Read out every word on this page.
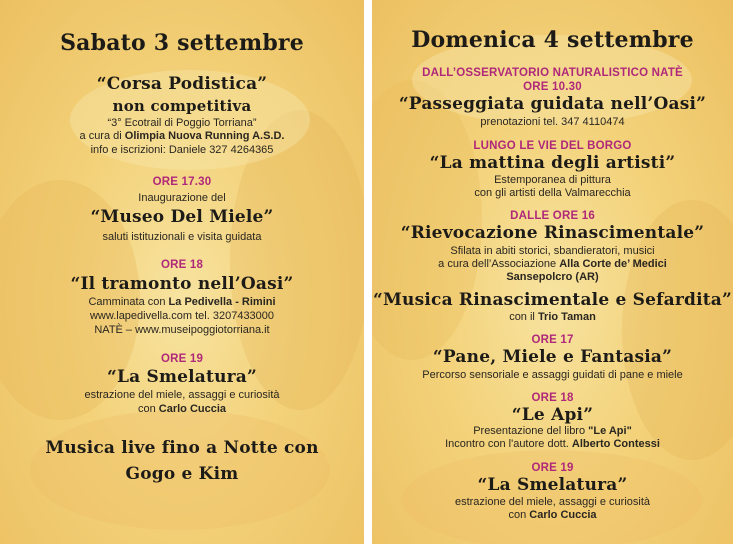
Sabato 3 settembre
“Corsa Podistica”
non competitiva
“3° Ecotrail di Poggio Torriana”
a cura di Olimpia Nuova Running A.S.D.
info e iscrizioni: Daniele 327 4264365
ORE 17.30
Inaugurazione del
“Museo Del Miele”
saluti istituzionali e visita guidata
ORE 18
“Il tramonto nell’Oasi”
Camminata con La Pedivella - Rimini
www.lapedivella.com tel. 3207433000
NATÈ – www.museipoggiotorriana.it
ORE 19
“La Smelatura”
estrazione del miele, assaggi e curiosità
con Carlo Cuccia
Musica live fino a Notte con
Gogo e Kim
Domenica 4 settembre
DALL’OSSERVATORIO NATURALISTICO NATÈ
ORE 10.30
“Passeggiata guidata nell’Oasi”
prenotazioni tel. 347 4110474
LUNGO LE VIE DEL BORGO
“La mattina degli artisti”
Estemporanea di pittura
con gli artisti della Valmarecchia
DALLE ORE 16
“Rievocazione Rinascimentale”
Sfilata in abiti storici, sbandieratori, musici
a cura dell’Associazione Alla Corte de’ Medici
Sansepolcro (AR)
“Musica Rinascimentale e Sefardita”
con il Trio Taman
ORE 17
“Pane, Miele e Fantasia”
Percorso sensoriale e assaggi guidati di pane e miele
ORE 18
“Le Api”
Presentazione del libro "Le Api"
Incontro con l'autore dott. Alberto Contessi
ORE 19
“La Smelatura”
estrazione del miele, assaggi e curiosità
con Carlo Cuccia
